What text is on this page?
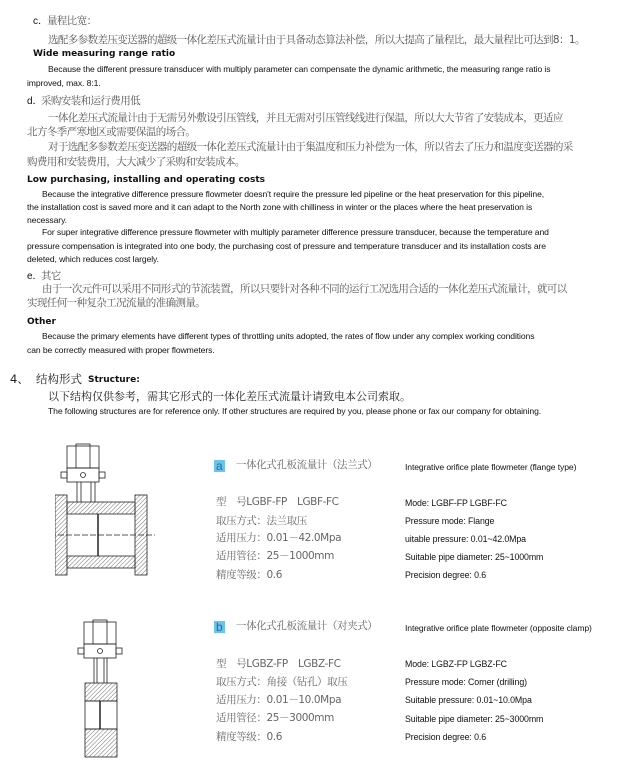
c． 量程比宽：
选配多参数差压变送器的超级一体化差压式流量计由于具备动态算法补偿，所以大提高了量程比，最大量程比可达到8：1。
Wide measuring range ratio
Because the different pressure transducer with multiply parameter can compensate the dynamic arithmetic, the measuring range ratio is
improved, max. 8:1.
d．
采购安装和运行费用低
一体化差压式流量计由于无需另外敷设引压管线，并且无需对引压管线线进行保温，所以大大节省了安装成本，更适应
北方冬季严寒地区或需要保温的场合。
对于选配多参数差压变送器的超级一体化差压式流量计由于集温度和压力补偿为一体，所以省去了压力和温度变送器的采
购费用和安装费用，大大减少了采购和安装成本。
Low purchasing, installing and operating costs
Because the integrative difference pressure flowmeter doesn't require the pressure led pipeline or the heat preservation for this pipeline,
the installation cost is saved more and it can adapt to the North zone with chilliness in winter or the places where the heat preservation is
necessary.
For super integrative difference pressure flowmeter with multiply parameter difference pressure transducer, because the temperature and
pressure compensation is integrated into one body, the purchasing cost of pressure and temperature transducer and its installation costs are
deleted, which reduces cost largely.
e．
其它
由于一次元件可以采用不同形式的节流装置，所以只要针对各种不同的运行工况选用合适的一体化差压式流量计，就可以
实现任何一种复杂工况流量的准确测量。
Other
Because the primary elements have different types of throttling units adopted, the rates of flow under any complex working conditions
can be correctly measured with proper flowmeters.
4、 结构形式 Structure:
以下结构仅供参考，需其它形式的一体化差压式流量计请致电本公司索取。
The following structures are for reference only. If other structures are required by you, please phone or fax our company for obtaining.
a 一体化式孔板流量计（法兰式）	Integrative orifice plate flowmeter (flange type)
型　号LGBF-FP　LGBF-FC
取压方式：法兰取压
适用压力：0.01－42.0Mpa
适用管径：25－1000mm
精度等级：0.6
Mode: LGBF-FP LGBF-FC
Pressure mode: Flange
uitable pressure: 0.01~42.0Mpa
Suitable pipe diameter: 25~1000mm
Precision degree: 0.6
b 一体化式孔板流量计（对夹式）	Integrative orifice plate flowmeter (opposite clamp)
型　号LGBZ-FP　LGBZ-FC
取压方式：角接（钻孔）取压
适用压力：0.01－10.0Mpa
适用管径：25－3000mm
精度等级：0.6
Mode: LGBZ-FP LGBZ-FC
Pressure mode: Corner (drilling)
Suitable pressure: 0.01~10.0Mpa
Suitable pipe diameter: 25~3000mm
Precision degree: 0.6
